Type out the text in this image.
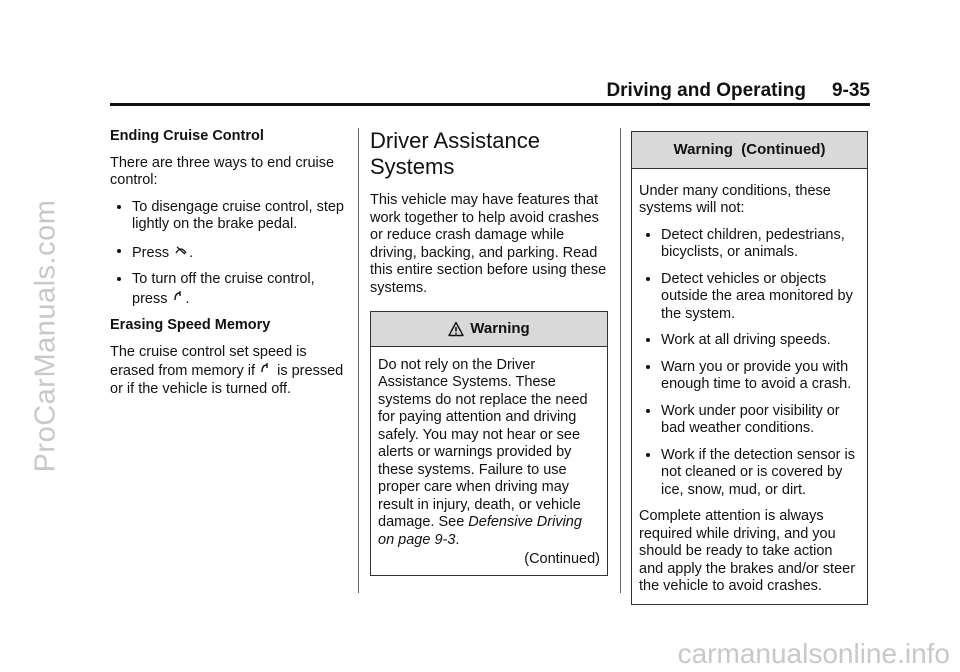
ProCarManuals.com
carmanualsonline.info
Driving and Operating 9-35

Ending Cruise Control

There are three ways to end cruise control:

To disengage cruise control, step lightly on the brake pedal.
Press .
To turn off the cruise control, press .

Erasing Speed Memory

The cruise control set speed is erased from memory if is pressed or if the vehicle is turned off.

Driver Assistance Systems

This vehicle may have features that work together to help avoid crashes or reduce crash damage while driving, backing, and parking. Read this entire section before using these systems.

Warning

Do not rely on the Driver Assistance Systems. These systems do not replace the need for paying attention and driving safely. You may not hear or see alerts or warnings provided by these systems. Failure to use proper care when driving may result in injury, death, or vehicle damage. See Defensive Driving on page 9-3.

(Continued)
Warning  (Continued)

Under many conditions, these systems will not:

Detect children, pedestrians, bicyclists, or animals.
Detect vehicles or objects outside the area monitored by the system.
Work at all driving speeds.
Warn you or provide you with enough time to avoid a crash.
Work under poor visibility or bad weather conditions.
Work if the detection sensor is not cleaned or is covered by ice, snow, mud, or dirt.

Complete attention is always required while driving, and you should be ready to take action and apply the brakes and/or steer the vehicle to avoid crashes.
